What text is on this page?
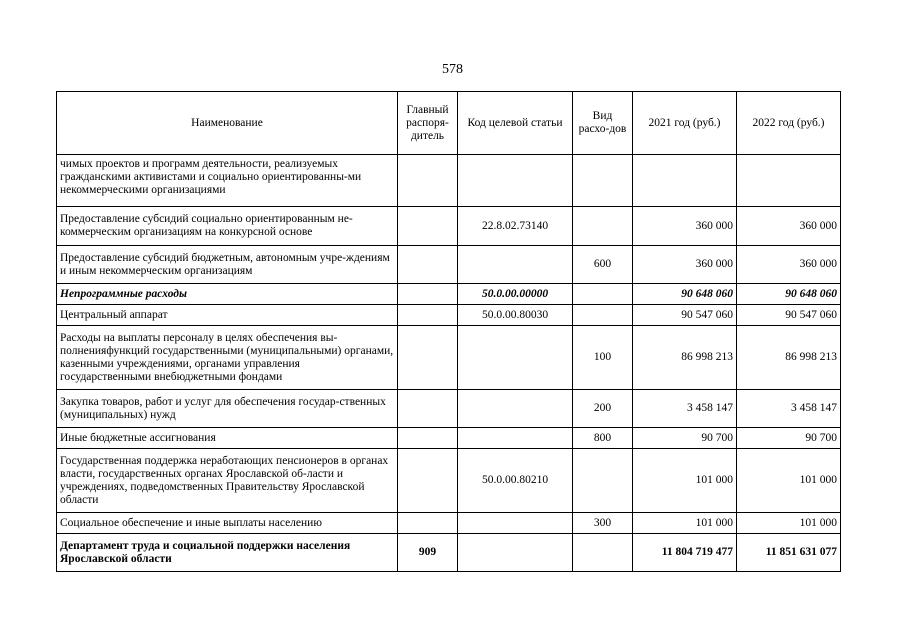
578
Наименование	Главный распоря-дитель	Код целевой статьи	Вид расхо-дов	2021 год (руб.)	2022 год (руб.)
чимых проектов и программ деятельности, реализуемых гражданскими активистами и социально ориентированны-ми некоммерческими организациями					
Предоставление субсидий социально ориентированным не-коммерческим организациям на конкурсной основе		22.8.02.73140		360 000	360 000
Предоставление субсидий бюджетным, автономным учре-ждениям и иным некоммерческим организациям			600	360 000	360 000
Непрограммные расходы		50.0.00.00000		90 648 060	90 648 060
Центральный аппарат		50.0.00.80030		90 547 060	90 547 060
Расходы на выплаты персоналу в целях обеспечения вы-полненияфункций государственными (муниципальными) органами, казенными учреждениями, органами управления государственными внебюджетными фондами			100	86 998 213	86 998 213
Закупка товаров, работ и услуг для обеспечения государ-ственных (муниципальных) нужд			200	3 458 147	3 458 147
Иные бюджетные ассигнования			800	90 700	90 700
Государственная поддержка неработающих пенсионеров в органах власти, государственных органах Ярославской об-ласти и учреждениях, подведомственных Правительству Ярославской области		50.0.00.80210		101 000	101 000
Социальное обеспечение и иные выплаты населению			300	101 000	101 000
Департамент труда и социальной поддержки населения Ярославской области	909			11 804 719 477	11 851 631 077
